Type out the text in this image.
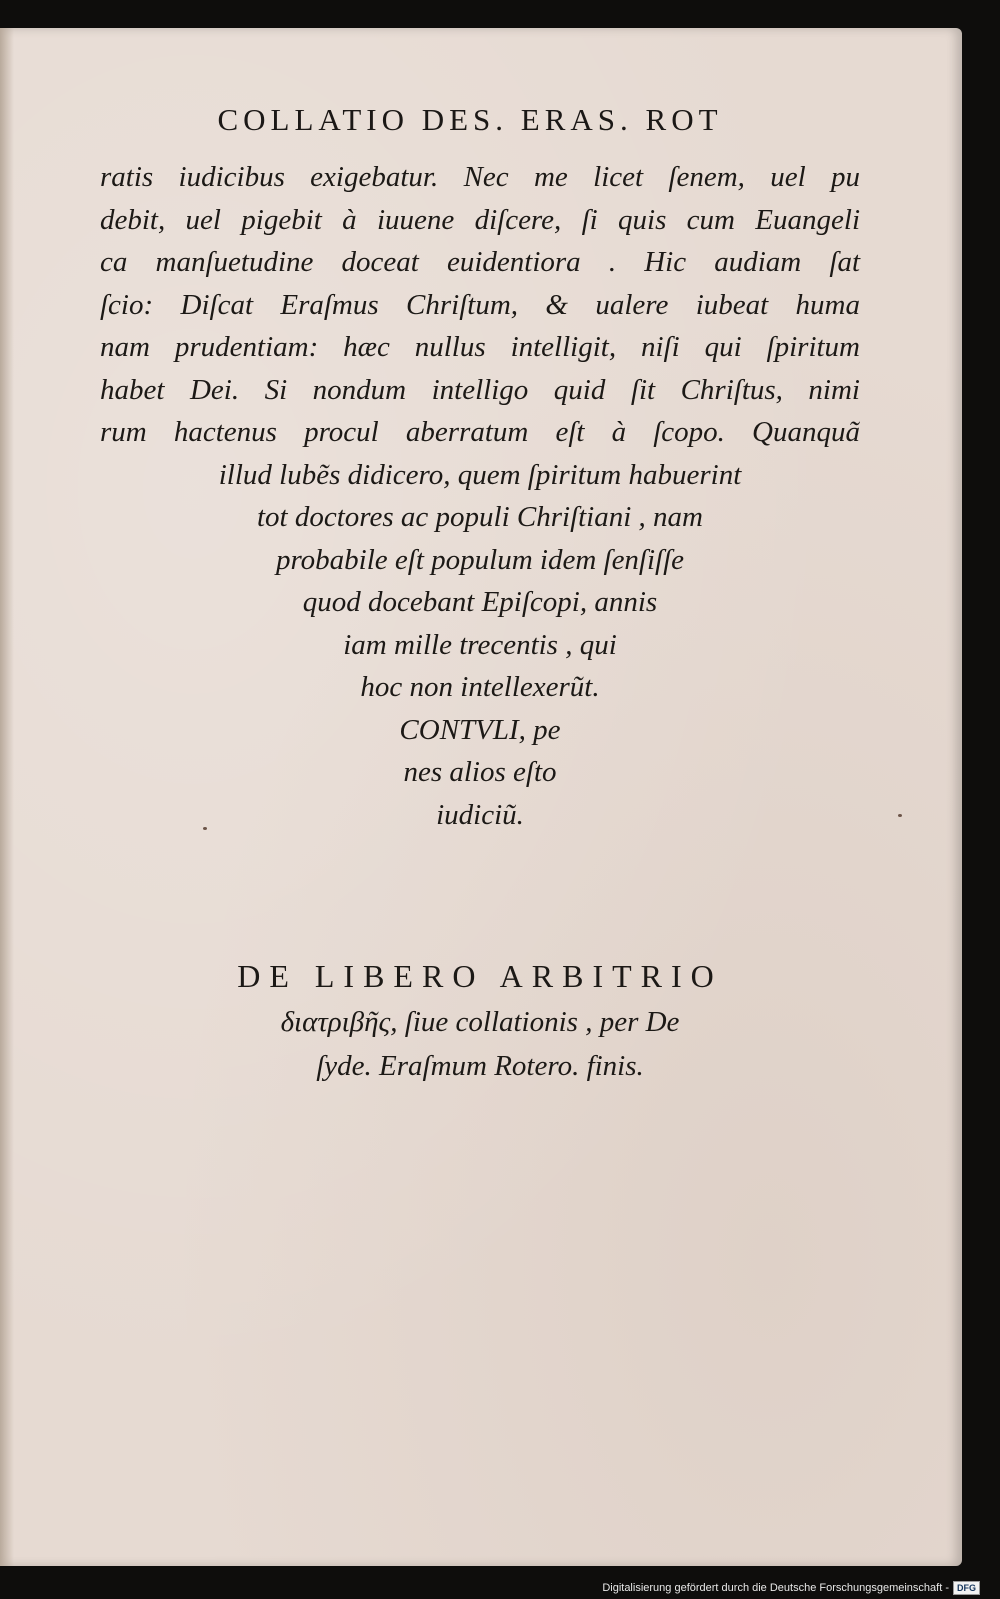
COLLATIO DES. ERAS. ROT
ratis iudicibus exigebatur. Nec me licet ſenem, uel pu
debit, uel pigebit à iuuene diſcere, ſi quis cum Euangeli
ca manſuetudine doceat euidentiora . Hic audiam ſat
ſcio: Diſcat Eraſmus Chriſtum, & ualere iubeat huma
nam prudentiam: hæc nullus intelligit, niſi qui ſpiritum
habet Dei. Si nondum intelligo quid ſit Chriſtus, nimi
rum hactenus procul aberratum eſt à ſcopo. Quanquã
illud lubẽs didicero, quem ſpiritum habuerint
tot doctores ac populi Chriſtiani , nam
probabile eſt populum idem ſenſiſſe
quod docebant Epiſcopi, annis
iam mille trecentis , qui
hoc non intellexerũt.
CONTVLI, pe
nes alios eſto
iudiciũ.
DE LIBERO ARBITRIO
διατριβῆς, ſiue collationis , per De
ſyde. Eraſmum Rotero. finis.
Digitalisierung gefördert durch die Deutsche Forschungsgemeinschaft - DFG
